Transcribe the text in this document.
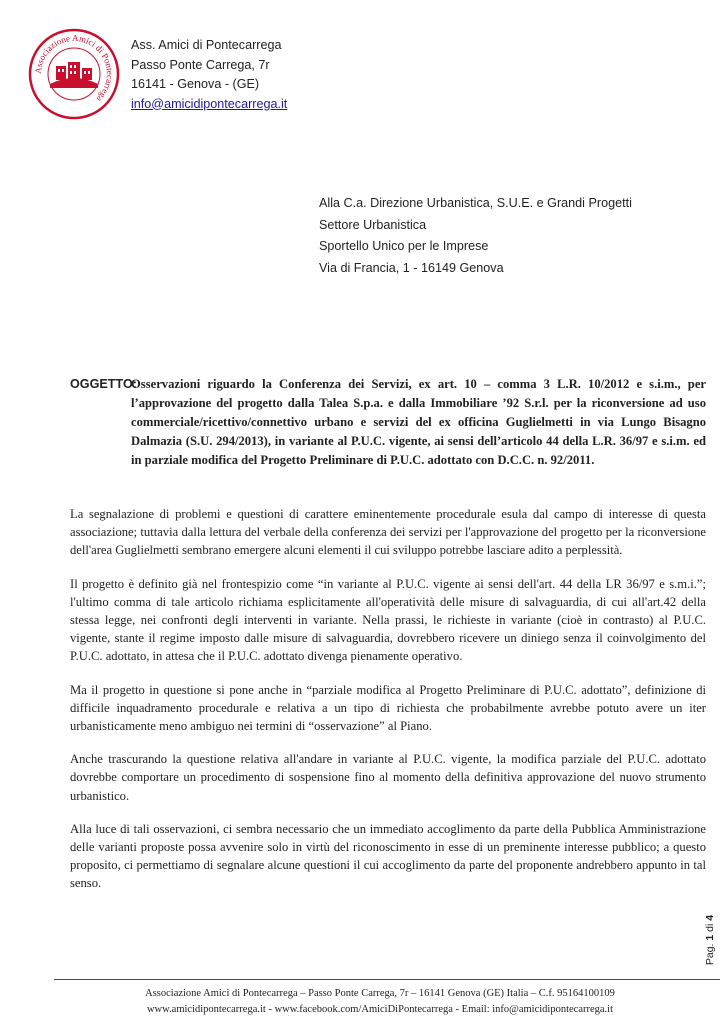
Associazione Amici di Pontecarrega
Ass. Amici di Pontecarrega
Passo Ponte Carrega, 7r
16141 - Genova - (GE)
info@amicidipontecarrega.it
Alla C.a. Direzione Urbanistica, S.U.E. e Grandi Progetti
Settore Urbanistica
Sportello Unico per le Imprese
Via di Francia, 1 - 16149 Genova
OGGETTO:
Osservazioni riguardo la Conferenza dei Servizi, ex art. 10 – comma 3 L.R. 10/2012 e s.i.m., per l’approvazione del progetto dalla Talea S.p.a. e dalla Immobiliare ’92 S.r.l. per la riconversione ad uso commerciale/ricettivo/connettivo urbano e servizi del ex officina Guglielmetti in via Lungo Bisagno Dalmazia (S.U. 294/2013), in variante al P.U.C. vigente, ai sensi dell’articolo 44 della L.R. 36/97 e s.i.m. ed in parziale modifica del Progetto Preliminare di P.U.C. adottato con D.C.C. n. 92/2011.

La segnalazione di problemi e questioni di carattere eminentemente procedurale esula dal campo di interesse di questa associazione; tuttavia dalla lettura del verbale della conferenza dei servizi per l'approvazione del progetto per la riconversione dell'area Guglielmetti sembrano emergere alcuni elementi il cui sviluppo potrebbe lasciare adito a perplessità.

Il progetto è definito già nel frontespizio come “in variante al P.U.C. vigente ai sensi dell'art. 44 della LR 36/97 e s.m.i.”; l'ultimo comma di tale articolo richiama esplicitamente all'operatività delle misure di salvaguardia, di cui all'art.42 della stessa legge, nei confronti degli interventi in variante. Nella prassi, le richieste in variante (cioè in contrasto) al P.U.C. vigente, stante il regime imposto dalle misure di salvaguardia, dovrebbero ricevere un diniego senza il coinvolgimento del P.U.C. adottato, in attesa che il P.U.C. adottato divenga pienamente operativo.

Ma il progetto in questione si pone anche in “parziale modifica al Progetto Preliminare di P.U.C. adottato”, definizione di difficile inquadramento procedurale e relativa a un tipo di richiesta che probabilmente avrebbe potuto avere un iter urbanisticamente meno ambiguo nei termini di “osservazione” al Piano.

Anche trascurando la questione relativa all'andare in variante al P.U.C. vigente, la modifica parziale del P.U.C. adottato dovrebbe comportare un procedimento di sospensione fino al momento della definitiva approvazione del nuovo strumento urbanistico.

Alla luce di tali osservazioni, ci sembra necessario che un immediato accoglimento da parte della Pubblica Amministrazione delle varianti proposte possa avvenire solo in virtù del riconoscimento in esse di un preminente interesse pubblico; a questo proposito, ci permettiamo di segnalare alcune questioni il cui accoglimento da parte del proponente andrebbero appunto in tal senso.

Pag. 1 di 4
Associazione Amici di Pontecarrega – Passo Ponte Carrega, 7r – 16141 Genova (GE) Italia – C.f. 95164100109
www.amicidipontecarrega.it - www.facebook.com/AmiciDiPontecarrega - Email: info@amicidipontecarrega.it
